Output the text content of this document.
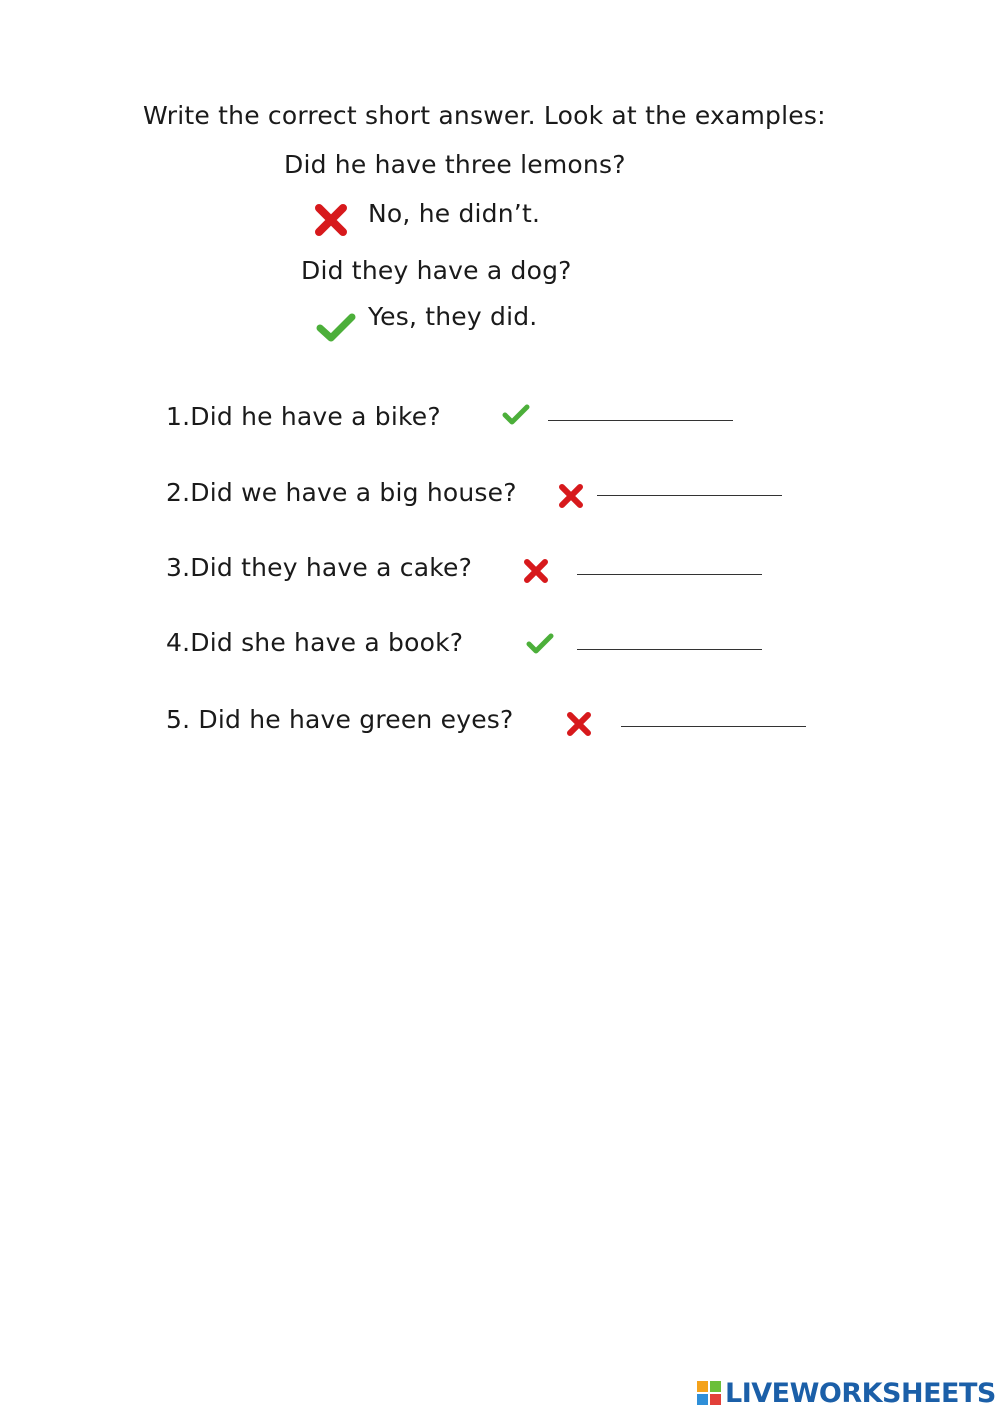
Write the correct short answer. Look at the examples:
Did he have three lemons?
No, he didn’t.
Did they have a dog?
Yes, they did.
1.Did he have a bike?
2.Did we have a big house?
3.Did they have a cake?
4.Did she have a book?
5. Did he have green eyes?
LIVEWORKSHEETS
